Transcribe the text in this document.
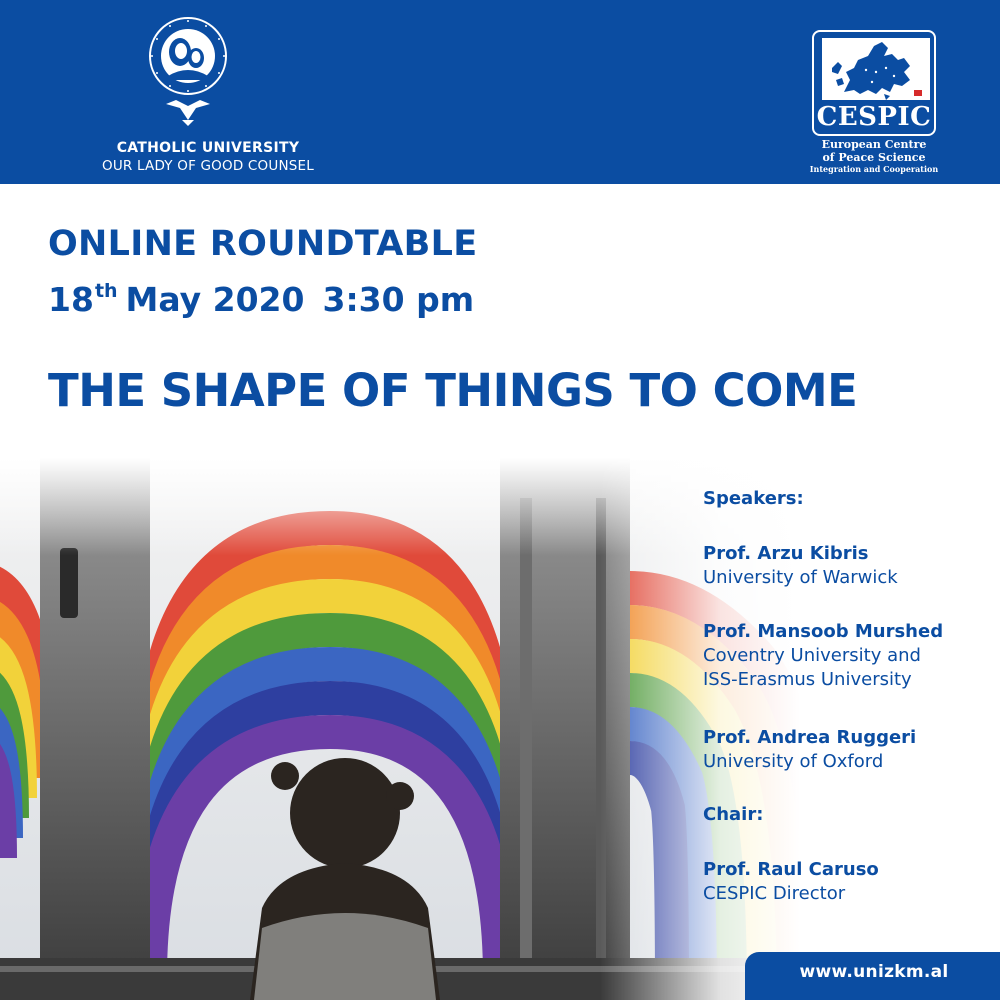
CATHOLIC UNIVERSITY
OUR LADY OF GOOD COUNSEL
CESPIC
European Centre
of Peace Science
Integration and Cooperation
ONLINE ROUNDTABLE
18th May 2020 3:30 pm
THE SHAPE OF THINGS TO COME
Speakers:
Prof. Arzu Kibris
University of Warwick
Prof. Mansoob Murshed
Coventry University and
ISS-Erasmus University
Prof. Andrea Ruggeri
University of Oxford
Chair:
Prof. Raul Caruso
CESPIC Director
www.unizkm.al
